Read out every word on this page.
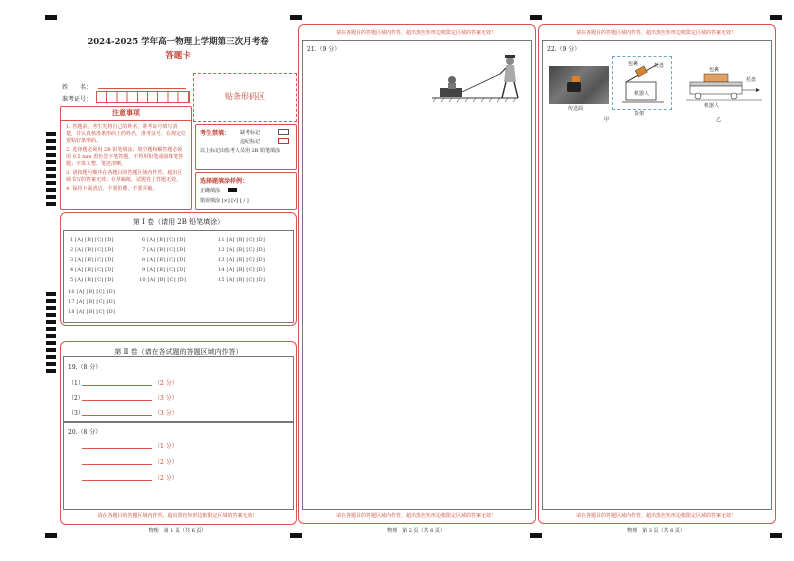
2024-2025 学年高一物理上学期第三次月考卷
答题卡
姓　　名：
准考证号：	贴条形码区
注意事项
1. 答题前，考生先将自己的姓名，准考证号填写清楚，并认真核准条形码上的姓名、准考证号，在规定位置贴好条形码。
2. 选择题必须用 2B 铅笔填涂；填空题和解答题必须用 0.5 mm 黑色签字笔答题，不得用铅笔或圆珠笔答题；字体工整、笔迹清晰。
3. 请按题号顺序在各题目的答题区域内作答，超出区域书写的答案无效；在草稿纸、试题卷上答题无效。
4. 保持卡面清洁，不要折叠、不要弄破。
考生禁填： 缺考标记
违纪标记
以上标记由监考人员用 2B 铅笔填涂
选择题填涂样例：
正确填涂
错误填涂 [×] [√] [ / ]
第 Ⅰ 卷（请用 2B 铅笔填涂）
1 [A] [B] [C] [D]
2 [A] [B] [C] [D]
3 [A] [B] [C] [D]
4 [A] [B] [C] [D]
5 [A] [B] [C] [D]
6 [A] [B] [C] [D]
7 [A] [B] [C] [D]
8 [A] [B] [C] [D]
9 [A] [B] [C] [D]
10 [A] [B] [C] [D]
11 [A] [B] [C] [D]
12 [A] [B] [C] [D]
13 [A] [B] [C] [D]
14 [A] [B] [C] [D]
15 [A] [B] [C] [D]
16 [A] [B] [C] [D]
17 [A] [B] [C] [D]
18 [A] [B] [C] [D]
第 Ⅱ 卷（请在各试题的答题区域内作答）
19.（8 分）
（1）	（2 分）
（2）	（3 分）
（3）	（3 分）
20.（8 分）
（1 分）
（2 分）
（2 分）
请在各题目的答题区域内作答，超出黑色矩形边框限定区域的答案无效！
物理　第 1 页（共 6 页）
请在各题目的答题区域内作答，超出黑色矩形边框限定区域的答案无效！
21.（9 分）
请在各题目的答题区域内作答，超出黑色矩形边框限定区域的答案无效！
物理　第 2 页（共 6 页）
请在各题目的答题区域内作答，超出黑色矩形边框限定区域的答案无效！
22.（9 分）
传送面
机器人
包裹	托盘
货架
甲
包裹
托盘
机器人
乙
请在各题目的答题区域内作答，超出黑色矩形边框限定区域的答案无效！
物理　第 3 页（共 6 页）
